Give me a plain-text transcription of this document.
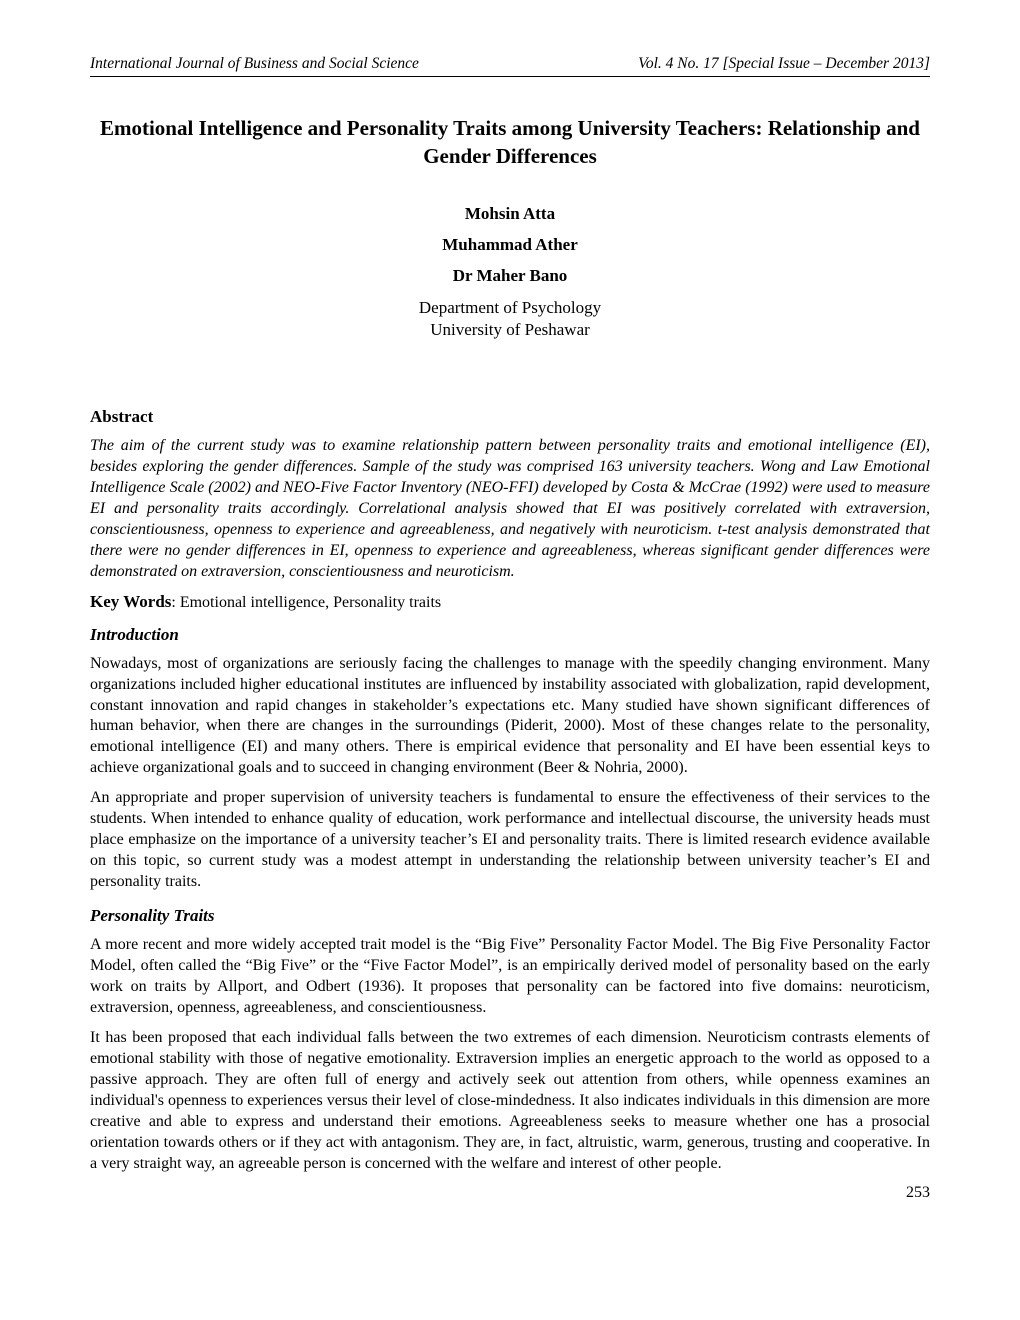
International Journal of Business and Social Science	Vol. 4 No. 17 [Special Issue – December 2013]
Emotional Intelligence and Personality Traits among University Teachers: Relationship and Gender Differences
Mohsin Atta
Muhammad Ather
Dr Maher Bano
Department of Psychology
University of Peshawar
Abstract
The aim of the current study was to examine relationship pattern between personality traits and emotional intelligence (EI), besides exploring the gender differences. Sample of the study was comprised 163 university teachers. Wong and Law Emotional Intelligence Scale (2002) and NEO-Five Factor Inventory (NEO-FFI) developed by Costa & McCrae (1992) were used to measure EI and personality traits accordingly. Correlational analysis showed that EI was positively correlated with extraversion, conscientiousness, openness to experience and agreeableness, and negatively with neuroticism. t-test analysis demonstrated that there were no gender differences in EI, openness to experience and agreeableness, whereas significant gender differences were demonstrated on extraversion, conscientiousness and neuroticism.
Key Words: Emotional intelligence, Personality traits
Introduction
Nowadays, most of organizations are seriously facing the challenges to manage with the speedily changing environment. Many organizations included higher educational institutes are influenced by instability associated with globalization, rapid development, constant innovation and rapid changes in stakeholder’s expectations etc. Many studied have shown significant differences of human behavior, when there are changes in the surroundings (Piderit, 2000). Most of these changes relate to the personality, emotional intelligence (EI) and many others. There is empirical evidence that personality and EI have been essential keys to achieve organizational goals and to succeed in changing environment (Beer & Nohria, 2000).
An appropriate and proper supervision of university teachers is fundamental to ensure the effectiveness of their services to the students. When intended to enhance quality of education, work performance and intellectual discourse, the university heads must place emphasize on the importance of a university teacher’s EI and personality traits. There is limited research evidence available on this topic, so current study was a modest attempt in understanding the relationship between university teacher’s EI and personality traits.
Personality Traits
A more recent and more widely accepted trait model is the “Big Five” Personality Factor Model. The Big Five Personality Factor Model, often called the “Big Five” or the “Five Factor Model”, is an empirically derived model of personality based on the early work on traits by Allport, and Odbert (1936). It proposes that personality can be factored into five domains: neuroticism, extraversion, openness, agreeableness, and conscientiousness.
It has been proposed that each individual falls between the two extremes of each dimension. Neuroticism contrasts elements of emotional stability with those of negative emotionality. Extraversion implies an energetic approach to the world as opposed to a passive approach. They are often full of energy and actively seek out attention from others, while openness examines an individual's openness to experiences versus their level of close-mindedness. It also indicates individuals in this dimension are more creative and able to express and understand their emotions. Agreeableness seeks to measure whether one has a prosocial orientation towards others or if they act with antagonism. They are, in fact, altruistic, warm, generous, trusting and cooperative. In a very straight way, an agreeable person is concerned with the welfare and interest of other people.
253
